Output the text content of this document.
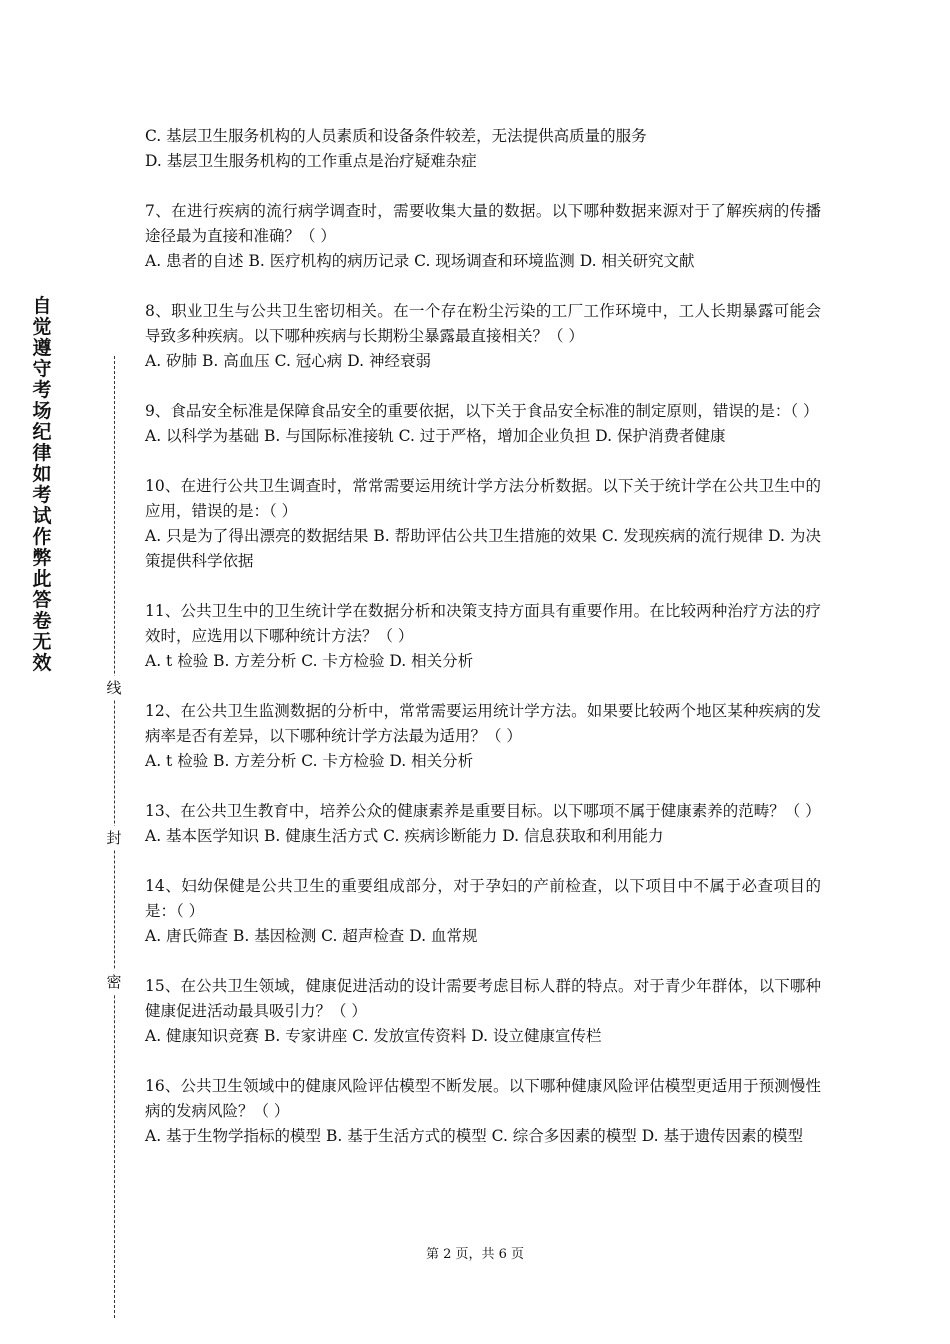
自觉遵守考场纪律如考试作弊此答卷无效
线
封
密

C. 基层卫生服务机构的人员素质和设备条件较差，无法提供高质量的服务

D. 基层卫生服务机构的工作重点是治疗疑难杂症

7、在进行疾病的流行病学调查时，需要收集大量的数据。以下哪种数据来源对于了解疾病的传播途径最为直接和准确？（ ）

A. 患者的自述 B. 医疗机构的病历记录 C. 现场调查和环境监测 D. 相关研究文献

8、职业卫生与公共卫生密切相关。在一个存在粉尘污染的工厂工作环境中，工人长期暴露可能会导致多种疾病。以下哪种疾病与长期粉尘暴露最直接相关？（ ）

A. 矽肺 B. 高血压 C. 冠心病 D. 神经衰弱

9、食品安全标准是保障食品安全的重要依据，以下关于食品安全标准的制定原则，错误的是：（ ）

A. 以科学为基础 B. 与国际标准接轨 C. 过于严格，增加企业负担 D. 保护消费者健康

10、在进行公共卫生调查时，常常需要运用统计学方法分析数据。以下关于统计学在公共卫生中的应用，错误的是：（ ）

A. 只是为了得出漂亮的数据结果 B. 帮助评估公共卫生措施的效果 C. 发现疾病的流行规律 D. 为决策提供科学依据

11、公共卫生中的卫生统计学在数据分析和决策支持方面具有重要作用。在比较两种治疗方法的疗效时，应选用以下哪种统计方法？（ ）

A. t 检验 B. 方差分析 C. 卡方检验 D. 相关分析

12、在公共卫生监测数据的分析中，常常需要运用统计学方法。如果要比较两个地区某种疾病的发病率是否有差异，以下哪种统计学方法最为适用？（ ）

A. t 检验 B. 方差分析 C. 卡方检验 D. 相关分析

13、在公共卫生教育中，培养公众的健康素养是重要目标。以下哪项不属于健康素养的范畴？（ ）

A. 基本医学知识 B. 健康生活方式 C. 疾病诊断能力 D. 信息获取和利用能力

14、妇幼保健是公共卫生的重要组成部分，对于孕妇的产前检查，以下项目中不属于必查项目的是：（ ）

A. 唐氏筛查 B. 基因检测 C. 超声检查 D. 血常规

15、在公共卫生领域，健康促进活动的设计需要考虑目标人群的特点。对于青少年群体，以下哪种健康促进活动最具吸引力？（ ）

A. 健康知识竞赛 B. 专家讲座 C. 发放宣传资料 D. 设立健康宣传栏

16、公共卫生领域中的健康风险评估模型不断发展。以下哪种健康风险评估模型更适用于预测慢性病的发病风险？（ ）

A. 基于生物学指标的模型 B. 基于生活方式的模型 C. 综合多因素的模型 D. 基于遗传因素的模型

第 2 页，共 6 页
